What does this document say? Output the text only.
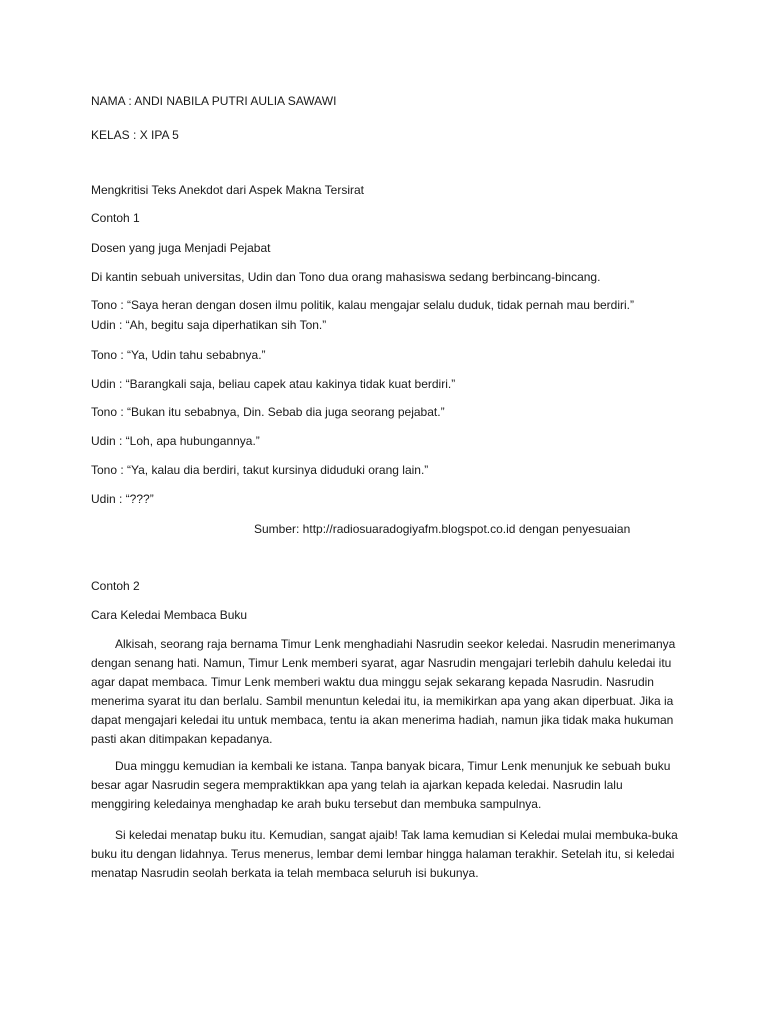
NAMA : ANDI NABILA PUTRI AULIA SAWAWI
KELAS : X IPA 5
Mengkritisi Teks Anekdot dari Aspek Makna Tersirat
Contoh 1
Dosen yang juga Menjadi Pejabat
Di kantin sebuah universitas, Udin dan Tono dua orang mahasiswa sedang berbincang-bincang.
Tono : “Saya heran dengan dosen ilmu politik, kalau mengajar selalu duduk, tidak pernah mau berdiri.”
Udin : “Ah, begitu saja diperhatikan sih Ton.”
Tono : “Ya, Udin tahu sebabnya.”
Udin : “Barangkali saja, beliau capek atau kakinya tidak kuat berdiri.”
Tono : “Bukan itu sebabnya, Din. Sebab dia juga seorang pejabat.”
Udin : “Loh, apa hubungannya.”
Tono : “Ya, kalau dia berdiri, takut kursinya diduduki orang lain.”
Udin : “???”
Sumber: http://radiosuaradogiyafm.blogspot.co.id dengan penyesuaian
Contoh 2
Cara Keledai Membaca Buku

Alkisah, seorang raja bernama Timur Lenk menghadiahi Nasrudin seekor keledai. Nasrudin menerimanya dengan senang hati. Namun, Timur Lenk memberi syarat, agar Nasrudin mengajari terlebih dahulu keledai itu agar dapat membaca. Timur Lenk memberi waktu dua minggu sejak sekarang kepada Nasrudin. Nasrudin menerima syarat itu dan berlalu. Sambil menuntun keledai itu, ia memikirkan apa yang akan diperbuat. Jika ia dapat mengajari keledai itu untuk membaca, tentu ia akan menerima hadiah, namun jika tidak maka hukuman pasti akan ditimpakan kepadanya.

Dua minggu kemudian ia kembali ke istana. Tanpa banyak bicara, Timur Lenk menunjuk ke sebuah buku besar agar Nasrudin segera mempraktikkan apa yang telah ia ajarkan kepada keledai. Nasrudin lalu menggiring keledainya menghadap ke arah buku tersebut dan membuka sampulnya.

Si keledai menatap buku itu. Kemudian, sangat ajaib! Tak lama kemudian si Keledai mulai membuka-buka buku itu dengan lidahnya. Terus menerus, lembar demi lembar hingga halaman terakhir. Setelah itu, si keledai menatap Nasrudin seolah berkata ia telah membaca seluruh isi bukunya.
